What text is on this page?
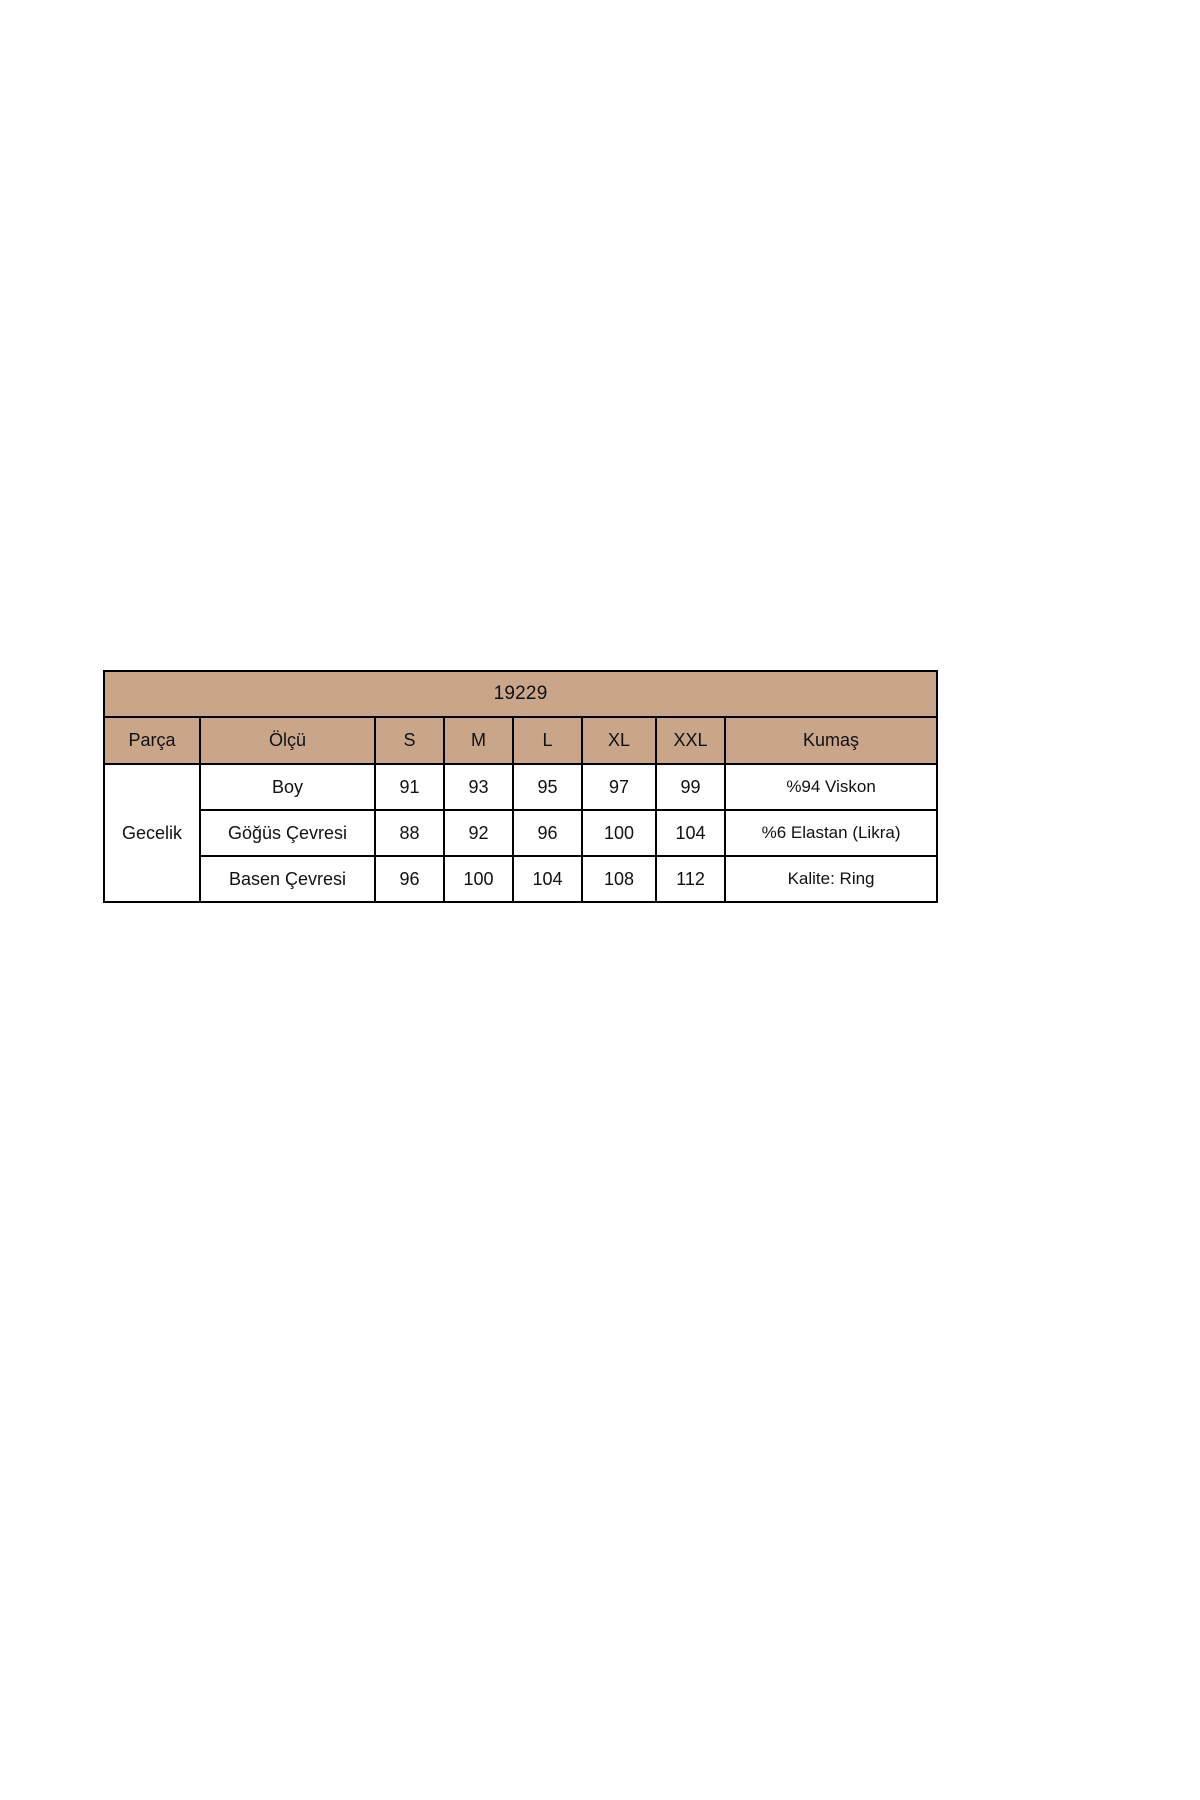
19229							
Parça	Ölçü	S	M	L	XL	XXL	Kumaş
Gecelik	Boy	91	93	95	97	99	%94 Viskon
	Göğüs Çevresi	88	92	96	100	104	%6 Elastan (Likra)
	Basen Çevresi	96	100	104	108	112	Kalite: Ring
